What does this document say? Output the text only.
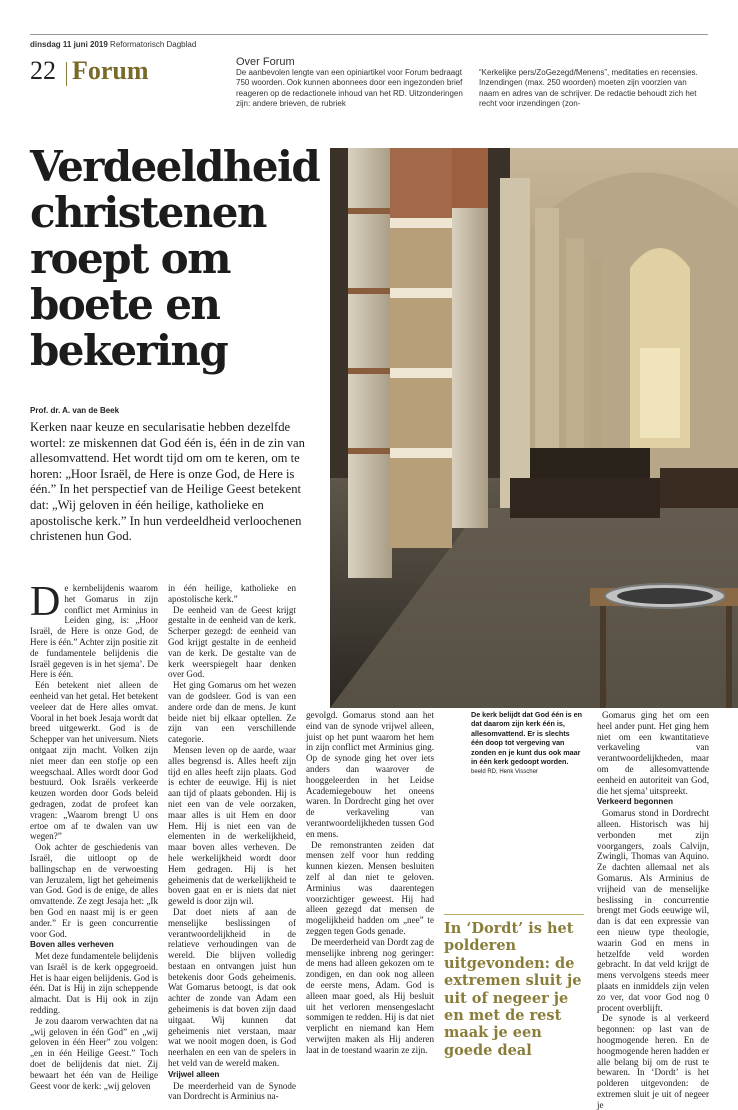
dinsdag 11 juni 2019 Reformatorisch Dagblad
22 Forum	Over Forum

De aanbevolen lengte van een opiniartikel voor Forum bedraagt 750 woorden. Ook kunnen abonnees door een ingezonden brief reageren op de redactionele inhoud van het RD. Uitzonderingen zijn: andere brieven, de rubriek

“Kerkelijke pers/ZoGezegd/Menens”, meditaties en recensies. Inzendingen (max. 250 woorden) moeten zijn voorzien van naam en adres van de schrijver. De redactie behoudt zich het recht voor inzendingen (zon-

Verdeeldheid christenen roept om boete en bekering
Prof. dr. A. van de Beek

Kerken naar keuze en secularisatie hebben dezelfde wortel: ze miskennen dat God één is, één in de zin van allesomvattend. Het wordt tijd om om te keren, om te horen: „Hoor Israël, de Here is onze God, de Here is één.” In het perspectief van de Heilige Geest betekent dat: „Wij geloven in één heilige, katholieke en apostolische kerk.” In hun verdeeldheid verloochenen christenen hun God.

De kerk belijdt dat God één is en dat daarom zijn kerk één is, allesomvattend. Er is slechts één doop tot vergeving van zonden en je kunt dus ook maar in één kerk gedoopt worden. beeld RD, Henk Visscher

D e kernbelijdenis waarom het Gomarus in zijn conflict met Arminius in Leiden ging, is: „Hoor Israël, de Here is onze God, de Here is één.” Achter zijn positie zit de fundamentele belijdenis die Israël gegeven is in het sjema’. De Here is één.

Eén betekent niet alleen de eenheid van het getal. Het betekent veeleer dat de Here alles omvat. Vooral in het boek Jesaja wordt dat breed uitgewerkt. God is de Schepper van het universum. Niets ontgaat zijn macht. Volken zijn niet meer dan een stofje op een weegschaal. Alles wordt door God bestuurd. Ook Israëls verkeerde keuzen worden door Gods beleid gedragen, zodat de profeet kan vragen: „Waarom brengt U ons ertoe om af te dwalen van uw wegen?”

Ook achter de geschiedenis van Israël, die uitloopt op de ballingschap en de verwoesting van Jeruzalem, ligt het geheimenis van God. God is de enige, de alles omvattende. Ze zegt Jesaja het: „Ik ben God en naast mij is er geen ander.” Er is geen concurrentie voor God.

Boven alles verheven

Met deze fundamentele belijdenis van Israël is de kerk opgegroeid. Het is haar eigen belijdenis. God is één. Dat is Hij in zijn scheppende almacht. Dat is Hij ook in zijn redding.

Je zou daarom verwachten dat na „wij geloven in één God” en „wij geloven in één Heer” zou volgen: „en in één Heilige Geest.” Toch doet de belijdenis dat niet. Zij bewaart het één van de Heilige Geest voor de kerk: „wij geloven

in één heilige, katholieke en apostolische kerk.”

De eenheid van de Geest krijgt gestalte in de eenheid van de kerk. Scherper gezegd: de eenheid van God krijgt gestalte in de eenheid van de kerk. De gestalte van de kerk weerspiegelt haar denken over God.

Het ging Gomarus om het wezen van de godsleer. God is van een andere orde dan de mens. Je kunt beide niet bij elkaar optellen. Ze zijn van een verschillende categorie.

Mensen leven op de aarde, waar alles begrensd is. Alles heeft zijn tijd en alles heeft zijn plaats. God is echter de eeuwige. Hij is niet aan tijd of plaats gebonden. Hij is niet een van de vele oorzaken, maar alles is uit Hem en door Hem. Hij is niet een van de elementen in de werkelijkheid, maar boven alles verheven. De hele werkelijkheid wordt door Hem gedragen. Hij is het geheimenis dat de werkelijkheid te boven gaat en er is niets dat niet geweld is door zijn wil.

Dat doet niets af aan de menselijke beslissingen of verantwoordelijkheid in de relatieve verhoudingen van de wereld. Die blijven volledig bestaan en ontvangen juist hun betekenis door Gods geheimenis. Wat Gomarus betoogt, is dat ook achter de zonde van Adam een geheimenis is dat boven zijn daad uitgaat. Wij kunnen dat geheimenis niet verstaan, maar wat we nooit mogen doen, is God neerhalen en een van de spelers in het veld van de wereld maken.

Vrijwel alleen

De meerderheid van de Synode van Dordrecht is Arminius na-

gevolgd. Gomarus stond aan het eind van de synode vrijwel alleen, juist op het punt waarom het hem in zijn conflict met Arminius ging. Op de synode ging het over iets anders dan waarover de hooggeleerden in het Leidse Academiegebouw het oneens waren. In Dordrecht ging het over de verkaveling van verantwoordelijkheden tussen God en mens.

De remonstranten zeiden dat mensen zelf voor hun redding kunnen kiezen. Mensen besluiten zelf al dan niet te geloven. Arminius was daarentegen voorzichtiger geweest. Hij had alleen gezegd dat mensen de mogelijkheid hadden om „nee” te zeggen tegen Gods genade.

De meerderheid van Dordt zag de menselijke inbreng nog geringer: de mens had alleen gekozen om te zondigen, en dan ook nog alleen de eerste mens, Adam. God is alleen maar goed, als Hij besluit uit het verloren mensengeslacht sommigen te redden. Hij is dat niet verplicht en niemand kan Hem verwijten maken als Hij anderen laat in de toestand waarin ze zijn.

In ‘Dordt’ is het polderen uitgevonden: de extremen sluit je uit of negeer je en met de rest maak je een goede deal

Gomarus ging het om een heel ander punt. Het ging hem niet om een kwantitatieve verkaveling van verantwoordelijkheden, maar om de allesomvattende eenheid en autoriteit van God, die het sjema’ uitspreekt.

Verkeerd begonnen

Gomarus stond in Dordrecht alleen. Historisch was hij verbonden met zijn voorgangers, zoals Calvijn, Zwingli, Thomas van Aquino. Ze dachten allemaal net als Gomarus. Als Arminius de vrijheid van de menselijke beslissing in concurrentie brengt met Gods eeuwige wil, dan is dat een expressie van een nieuw type theologie, waarin God en mens in hetzelfde veld worden gebracht. In dat veld krijgt de mens vervolgens steeds meer plaats en inmiddels zijn velen zo ver, dat voor God nog 0 procent overblijft.

De synode is al verkeerd begonnen: op last van de hoogmogende heren. En de hoogmogende heren hadden er alle belang bij om de rust te bewaren. In ‘Dordt’ is het polderen uitgevonden: de extremen sluit je uit of negeer je
